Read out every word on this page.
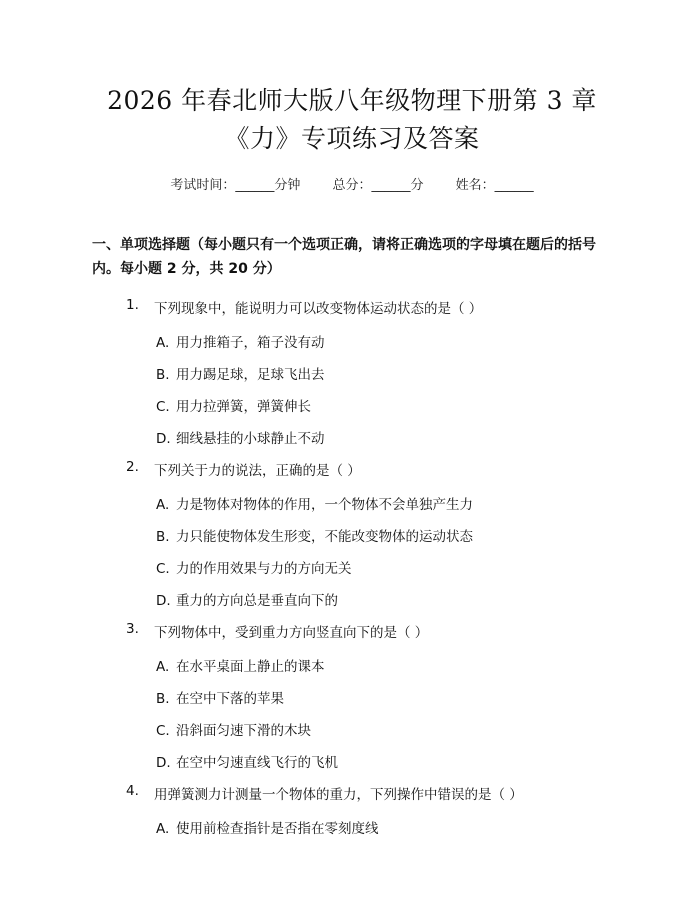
2026 年春北师大版八年级物理下册第 3 章
《力》专项练习及答案
考试时间：______分钟 总分：______分 姓名：______
一、单项选择题（每小题只有一个选项正确，请将正确选项的字母填在题后的括号内。每小题 2 分，共 20 分）
1.	下列现象中，能说明力可以改变物体运动状态的是（ ）
A. 用力推箱子，箱子没有动
B. 用力踢足球，足球飞出去
C. 用力拉弹簧，弹簧伸长
D. 细线悬挂的小球静止不动
2.	下列关于力的说法，正确的是（ ）
A. 力是物体对物体的作用，一个物体不会单独产生力
B. 力只能使物体发生形变，不能改变物体的运动状态
C. 力的作用效果与力的方向无关
D. 重力的方向总是垂直向下的
3.	下列物体中，受到重力方向竖直向下的是（ ）
A. 在水平桌面上静止的课本
B. 在空中下落的苹果
C. 沿斜面匀速下滑的木块
D. 在空中匀速直线飞行的飞机
4.	用弹簧测力计测量一个物体的重力，下列操作中错误的是（ ）
A. 使用前检查指针是否指在零刻度线
